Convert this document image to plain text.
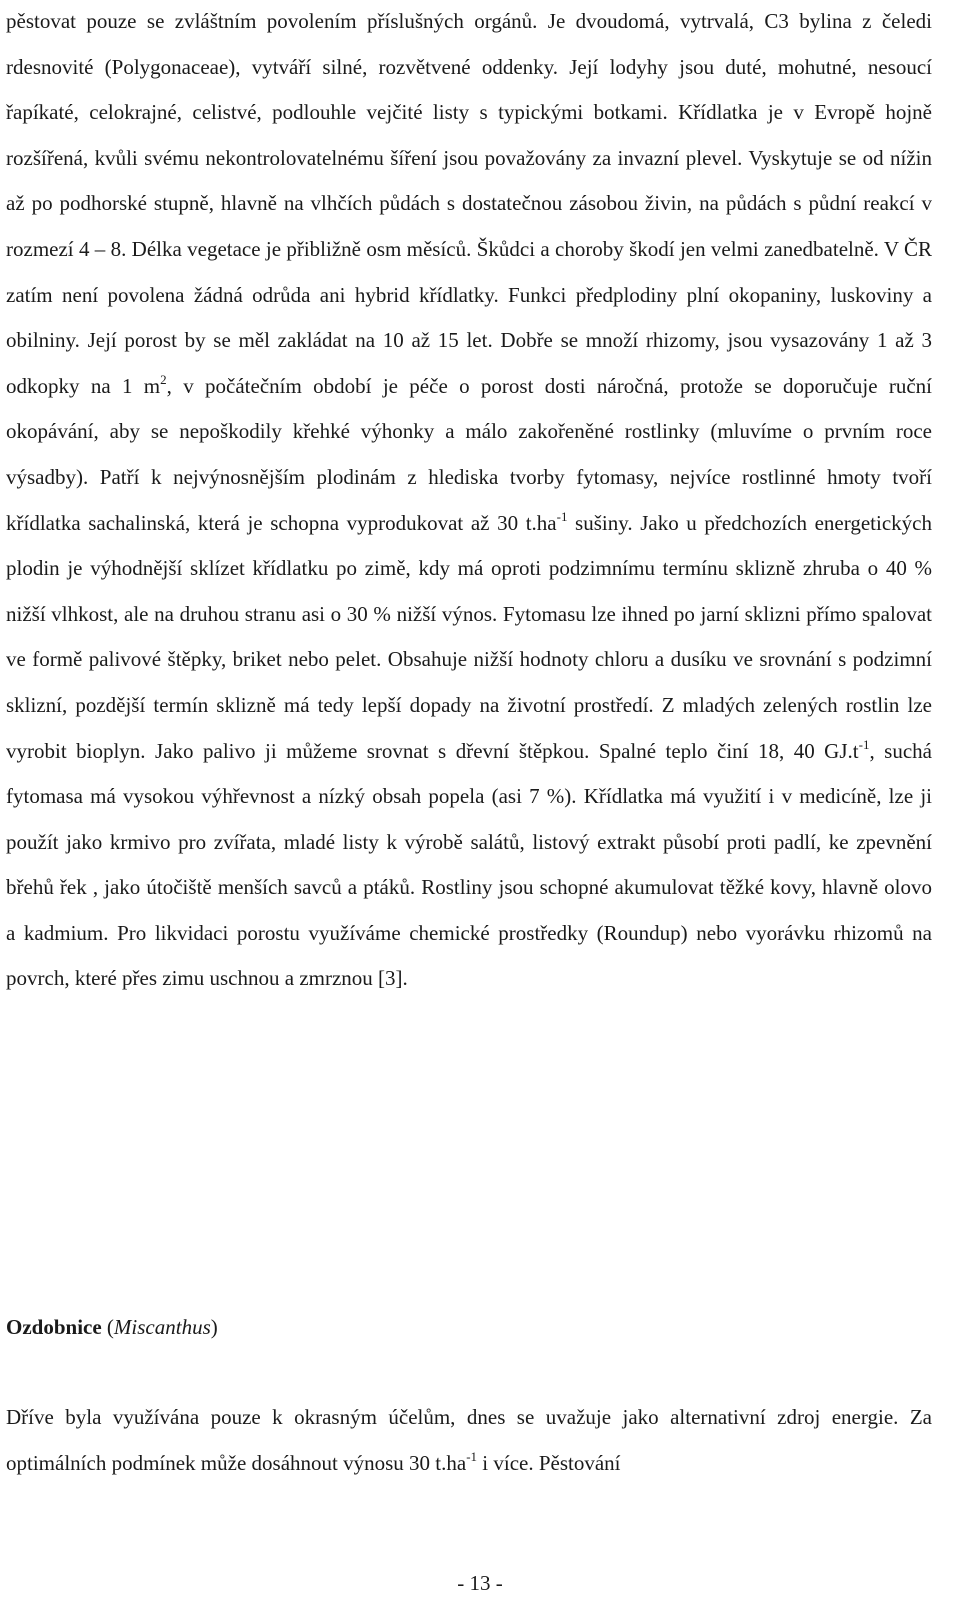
pěstovat pouze se zvláštním povolením příslušných orgánů. Je dvoudomá, vytrvalá, C3 bylina z čeledi rdesnovité (Polygonaceae), vytváří silné, rozvětvené oddenky. Její lodyhy jsou duté, mohutné, nesoucí řapíkaté, celokrajné, celistvé, podlouhle vejčité listy s typickými botkami. Křídlatka je v Evropě hojně rozšířená, kvůli svému nekontrolovatelnému šíření jsou považovány za invazní plevel. Vyskytuje se od nížin až po podhorské stupně, hlavně na vlhčích půdách s dostatečnou zásobou živin, na půdách s půdní reakcí v rozmezí 4 – 8. Délka vegetace je přibližně osm měsíců. Škůdci a choroby škodí jen velmi zanedbatelně. V ČR zatím není povolena žádná odrůda ani hybrid křídlatky. Funkci předplodiny plní okopaniny, luskoviny a obilniny. Její porost by se měl zakládat na 10 až 15 let. Dobře se množí rhizomy, jsou vysazovány 1 až 3 odkopky na 1 $m^2$, v počátečním období je péče o porost dosti náročná, protože se doporučuje ruční okopávání, aby se nepoškodily křehké výhonky a málo zakořeněné rostlinky (mluvíme o prvním roce výsadby). Patří k nejvýnosnějším plodinám z hlediska tvorby fytomasy, nejvíce rostlinné hmoty tvoří křídlatka sachalinská, která je schopna vyprodukovat až 30 $t.ha^{-1}$ sušiny. Jako u předchozích energetických plodin je výhodnější sklízet křídlatku po zimě, kdy má oproti podzimnímu termínu sklizně zhruba o 40 % nižší vlhkost, ale na druhou stranu asi o 30 % nižší výnos. Fytomasu lze ihned po jarní sklizni přímo spalovat ve formě palivové štěpky, briket nebo pelet. Obsahuje nižší hodnoty chloru a dusíku ve srovnání s podzimní sklizní, pozdější termín sklizně má tedy lepší dopady na životní prostředí. Z mladých zelených rostlin lze vyrobit bioplyn. Jako palivo ji můžeme srovnat s dřevní štěpkou. Spalné teplo činí 18, 40 $GJ.t^{-1}$, suchá fytomasa má vysokou výhřevnost a nízký obsah popela (asi 7 %). Křídlatka má využití i v medicíně, lze ji použít jako krmivo pro zvířata, mladé listy k výrobě salátů, listový extrakt působí proti padlí, ke zpevnění břehů řek , jako útočiště menších savců a ptáků. Rostliny jsou schopné akumulovat těžké kovy, hlavně olovo a kadmium. Pro likvidaci porostu využíváme chemické prostředky (Roundup) nebo vyorávku rhizomů na povrch, které přes zimu uschnou a zmrznou [3].

Ozdobnice (Miscanthus)

Dříve byla využívána pouze k okrasným účelům, dnes se uvažuje jako alternativní zdroj energie. Za optimálních podmínek může dosáhnout výnosu 30 $t.ha^{-1}$ i více. Pěstování

- 13 -
